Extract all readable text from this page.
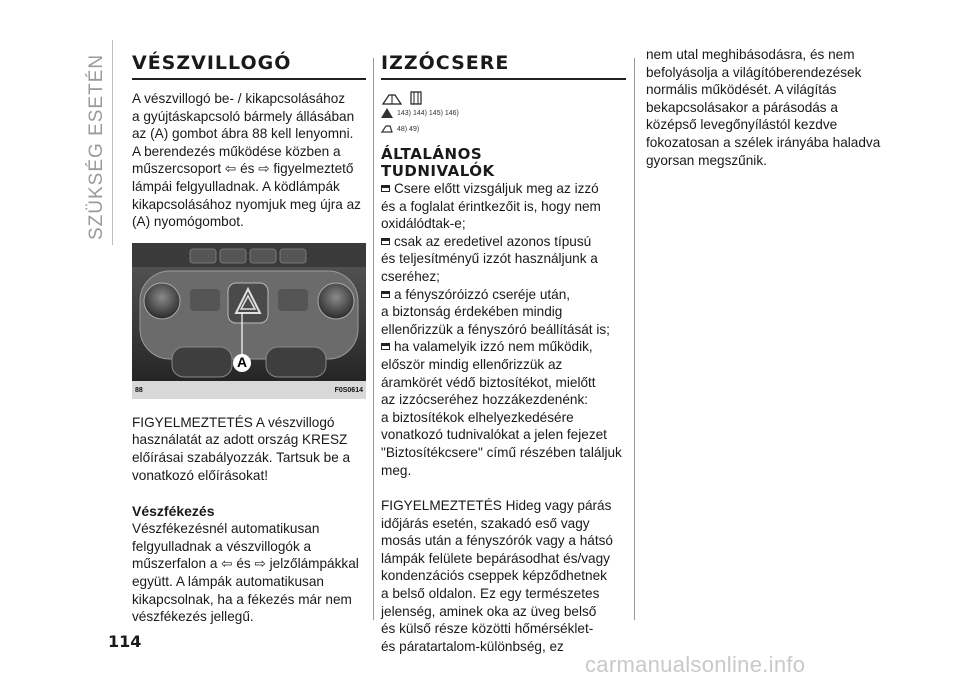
SZÜKSÉG ESETÉN VÉSZVILLOGÓ

A vészvillogó be- / kikapcsolásához

a gyújtáskapcsoló bármely állásában

az (A) gombot ábra 88 kell lenyomni.

A berendezés működése közben a

műszercsoport ⇦ és ⇨ figyelmeztető

lámpái felgyulladnak. A ködlámpák

kikapcsolásához nyomjuk meg újra az

(A) nyomógombot.

A
88	F0S0614

FIGYELMEZTETÉS A vészvillogó

használatát az adott ország KRESZ

előírásai szabályozzák. Tartsuk be a

vonatkozó előírásokat!

Vészfékezés

Vészfékezésnél automatikusan

felgyulladnak a vészvillogók a

műszerfalon a ⇦ és ⇨ jelzőlámpákkal

együtt. A lámpák automatikusan

kikapcsolnak, ha a fékezés már nem

vészfékezés jellegű.

IZZÓCSERE
143) 144) 145) 146)
48) 49)
ÁLTALÁNOS
TUDNIVALÓK

Csere előtt vizsgáljuk meg az izzó

és a foglalat érintkezőit is, hogy nem

oxidálódtak-e;

csak az eredetivel azonos típusú

és teljesítményű izzót használjunk a

cseréhez;

a fényszóróizzó cseréje után,

a biztonság érdekében mindig

ellenőrizzük a fényszóró beállítását is;

ha valamelyik izzó nem működik,

először mindig ellenőrizzük az

áramkörét védő biztosítékot, mielőtt

az izzócseréhez hozzákezdenénk:

a biztosítékok elhelyezkedésére

vonatkozó tudnivalókat a jelen fejezet

"Biztosítékcsere" című részében találjuk

meg.

FIGYELMEZTETÉS Hideg vagy párás

időjárás esetén, szakadó eső vagy

mosás után a fényszórók vagy a hátsó

lámpák felülete bepárásodhat és/vagy

kondenzációs cseppek képződhetnek

a belső oldalon. Ez egy természetes

jelenség, aminek oka az üveg belső

és külső része közötti hőmérséklet-

és páratartalom-különbség, ez

nem utal meghibásodásra, és nem

befolyásolja a világítóberendezések

normális működését. A világítás

bekapcsolásakor a párásodás a

középső levegőnyílástól kezdve

fokozatosan a szélek irányába haladva

gyorsan megszűnik.

114
carmanualsonline.info
